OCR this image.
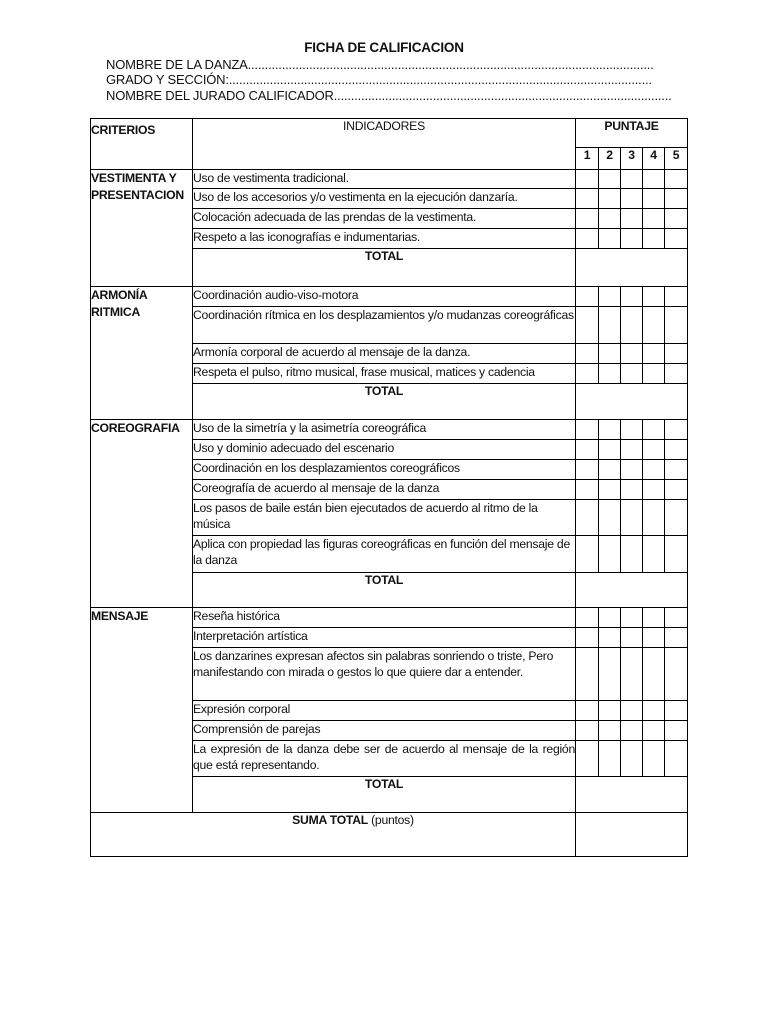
FICHA DE CALIFICACION
NOMBRE DE LA DANZA.......................................................................................................................
GRADO Y SECCIÓN:............................................................................................................................
NOMBRE DEL JURADO CALIFICADOR...................................................................................................
CRITERIOS	INDICADORES	PUNTAJE				
		1	2	3	4	5
VESTIMENTA Y PRESENTACION	Uso de vestimenta tradicional.					
	Uso de los accesorios y/o vestimenta en la ejecución danzaría.					
	Colocación adecuada de las prendas de la vestimenta.					
	Respeto a las iconografías e indumentarias.					
	TOTAL					
ARMONÍA RITMICA	Coordinación audio-viso-motora					
	Coordinación rítmica en los desplazamientos y/o mudanzas coreográficas					
	Armonía corporal de acuerdo al mensaje de la danza.					
	Respeta el pulso, ritmo musical, frase musical, matices y cadencia					
	TOTAL					
COREOGRAFIA	Uso de la simetría y la asimetría coreográfica					
	Uso y dominio adecuado del escenario					
	Coordinación en los desplazamientos coreográficos					
	Coreografía de acuerdo al mensaje de la danza					
	Los pasos de baile están bien ejecutados de acuerdo al ritmo de la música					
	Aplica con propiedad las figuras coreográficas en función del mensaje de la danza					
	TOTAL					
MENSAJE	Reseña histórica					
	Interpretación artística					
	Los danzarines expresan afectos sin palabras sonriendo o triste, Pero manifestando con mirada o gestos lo que quiere dar a entender.					
	Expresión corporal					
	Comprensión de parejas					
	La expresión de la danza debe ser de acuerdo al mensaje de la región que está representando.					
	TOTAL					
SUMA TOTAL (puntos)						
